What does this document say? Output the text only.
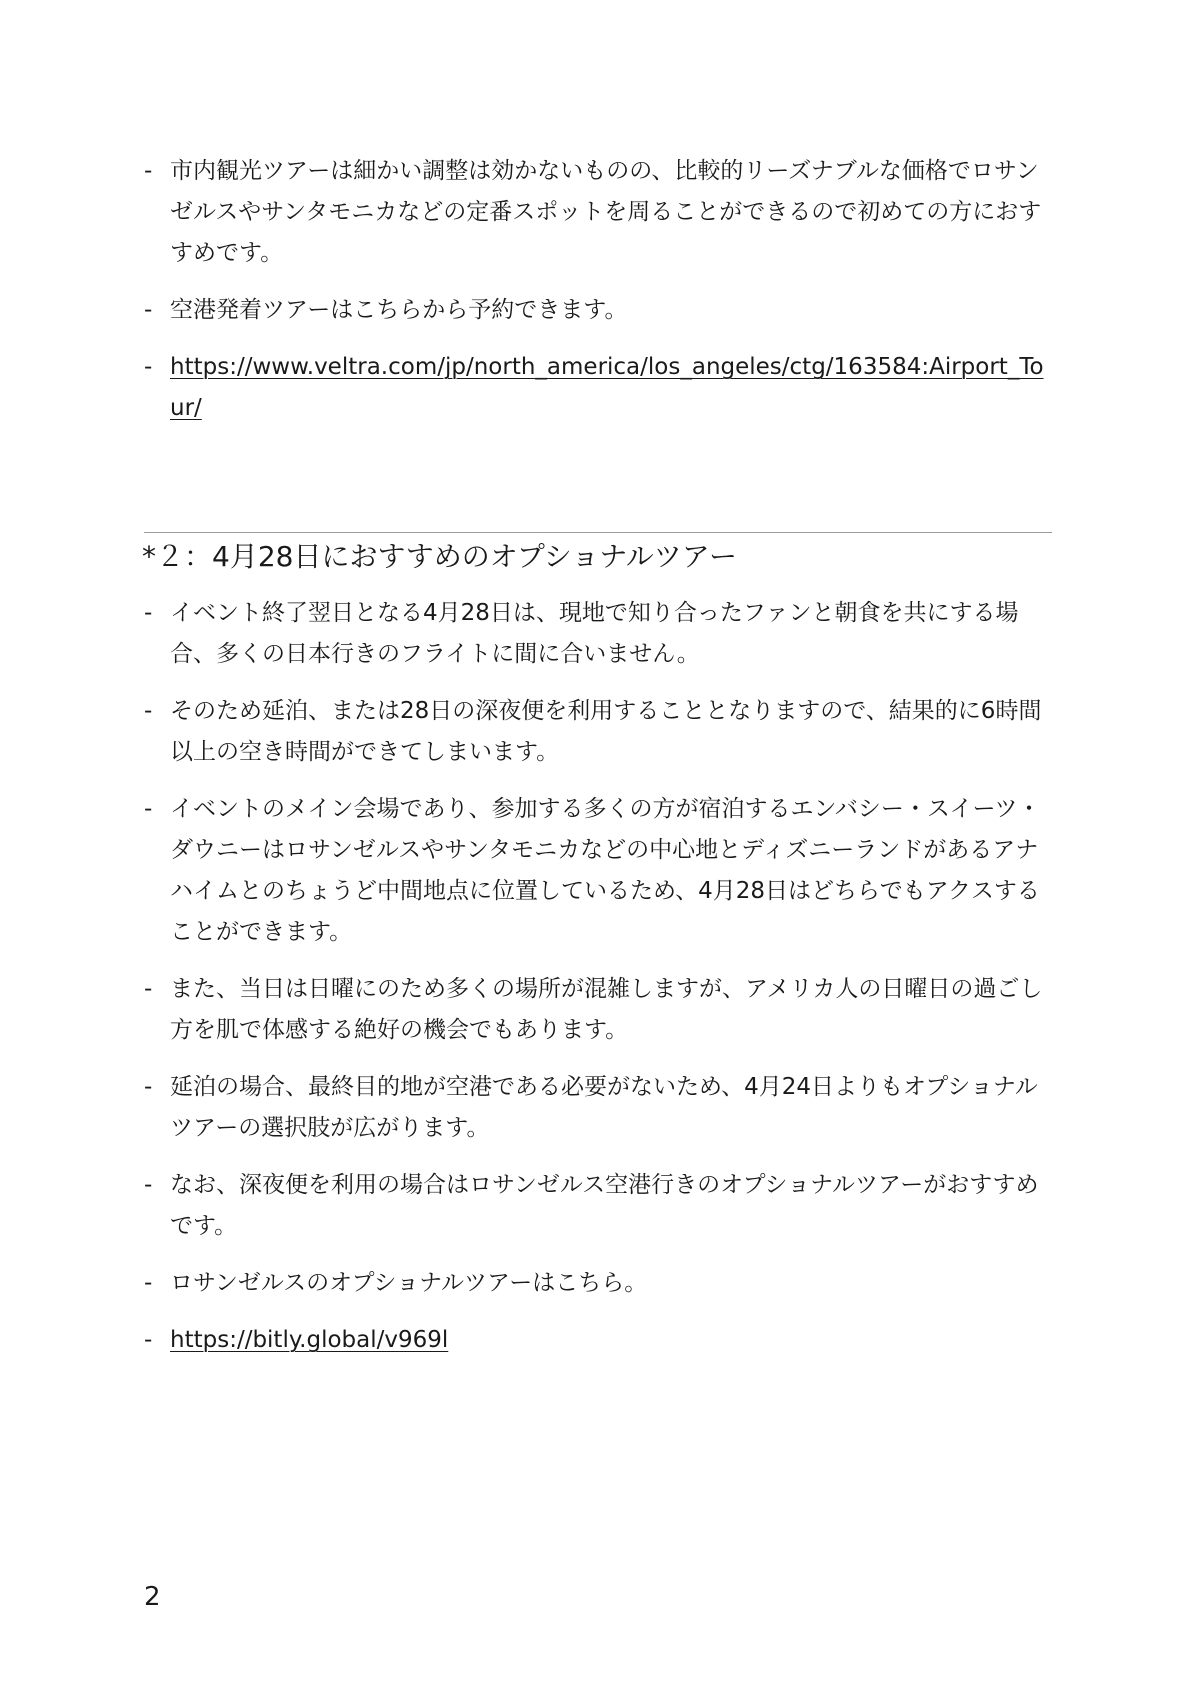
- 市内観光ツアーは細かい調整は効かないものの、比較的リーズナブルな価格でロサンゼルスやサンタモニカなどの定番スポットを周ることができるので初めての方におすすめです。
- 空港発着ツアーはこちらから予約できます。
- https://www.veltra.com/jp/north_america/los_angeles/ctg/163584:Airport_Tour/
*２：4月28日におすすめのオプショナルツアー
- イベント終了翌日となる4月28日は、現地で知り合ったファンと朝食を共にする場合、多くの日本行きのフライトに間に合いません。
- そのため延泊、または28日の深夜便を利用することとなりますので、結果的に6時間以上の空き時間ができてしまいます。
- イベントのメイン会場であり、参加する多くの方が宿泊するエンバシー・スイーツ・ダウニーはロサンゼルスやサンタモニカなどの中心地とディズニーランドがあるアナハイムとのちょうど中間地点に位置しているため、4月28日はどちらでもアクスすることができます。
- また、当日は日曜にのため多くの場所が混雑しますが、アメリカ人の日曜日の過ごし方を肌で体感する絶好の機会でもあります。
- 延泊の場合、最終目的地が空港である必要がないため、4月24日よりもオプショナルツアーの選択肢が広がります。
- なお、深夜便を利用の場合はロサンゼルス空港行きのオプショナルツアーがおすすめです。
- ロサンゼルスのオプショナルツアーはこちら。
- https://bitly.global/v969l
2
